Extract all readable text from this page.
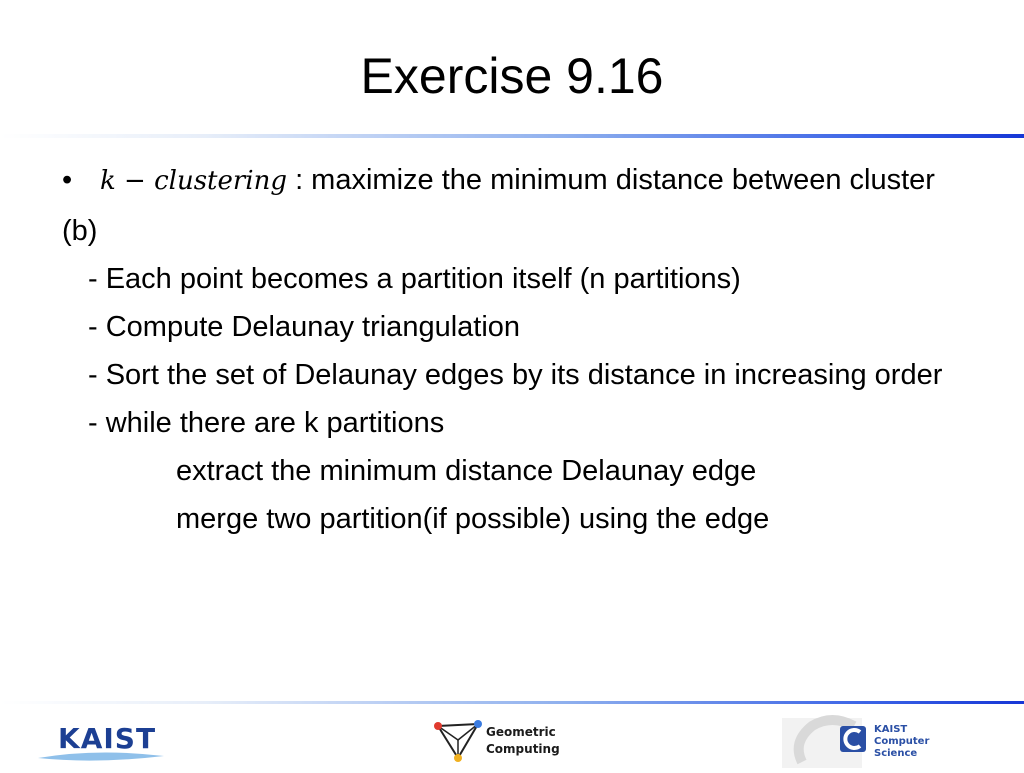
Exercise 9.16
• k − clustering : maximize the minimum distance between cluster
(b)
- Each point becomes a partition itself (n partitions)
- Compute Delaunay triangulation
- Sort the set of Delaunay edges by its distance in increasing order
- while there are k partitions
extract the minimum distance Delaunay edge
merge two partition(if possible) using the edge
KAIST	Geometric
Computing
KAIST
Computer
Science
